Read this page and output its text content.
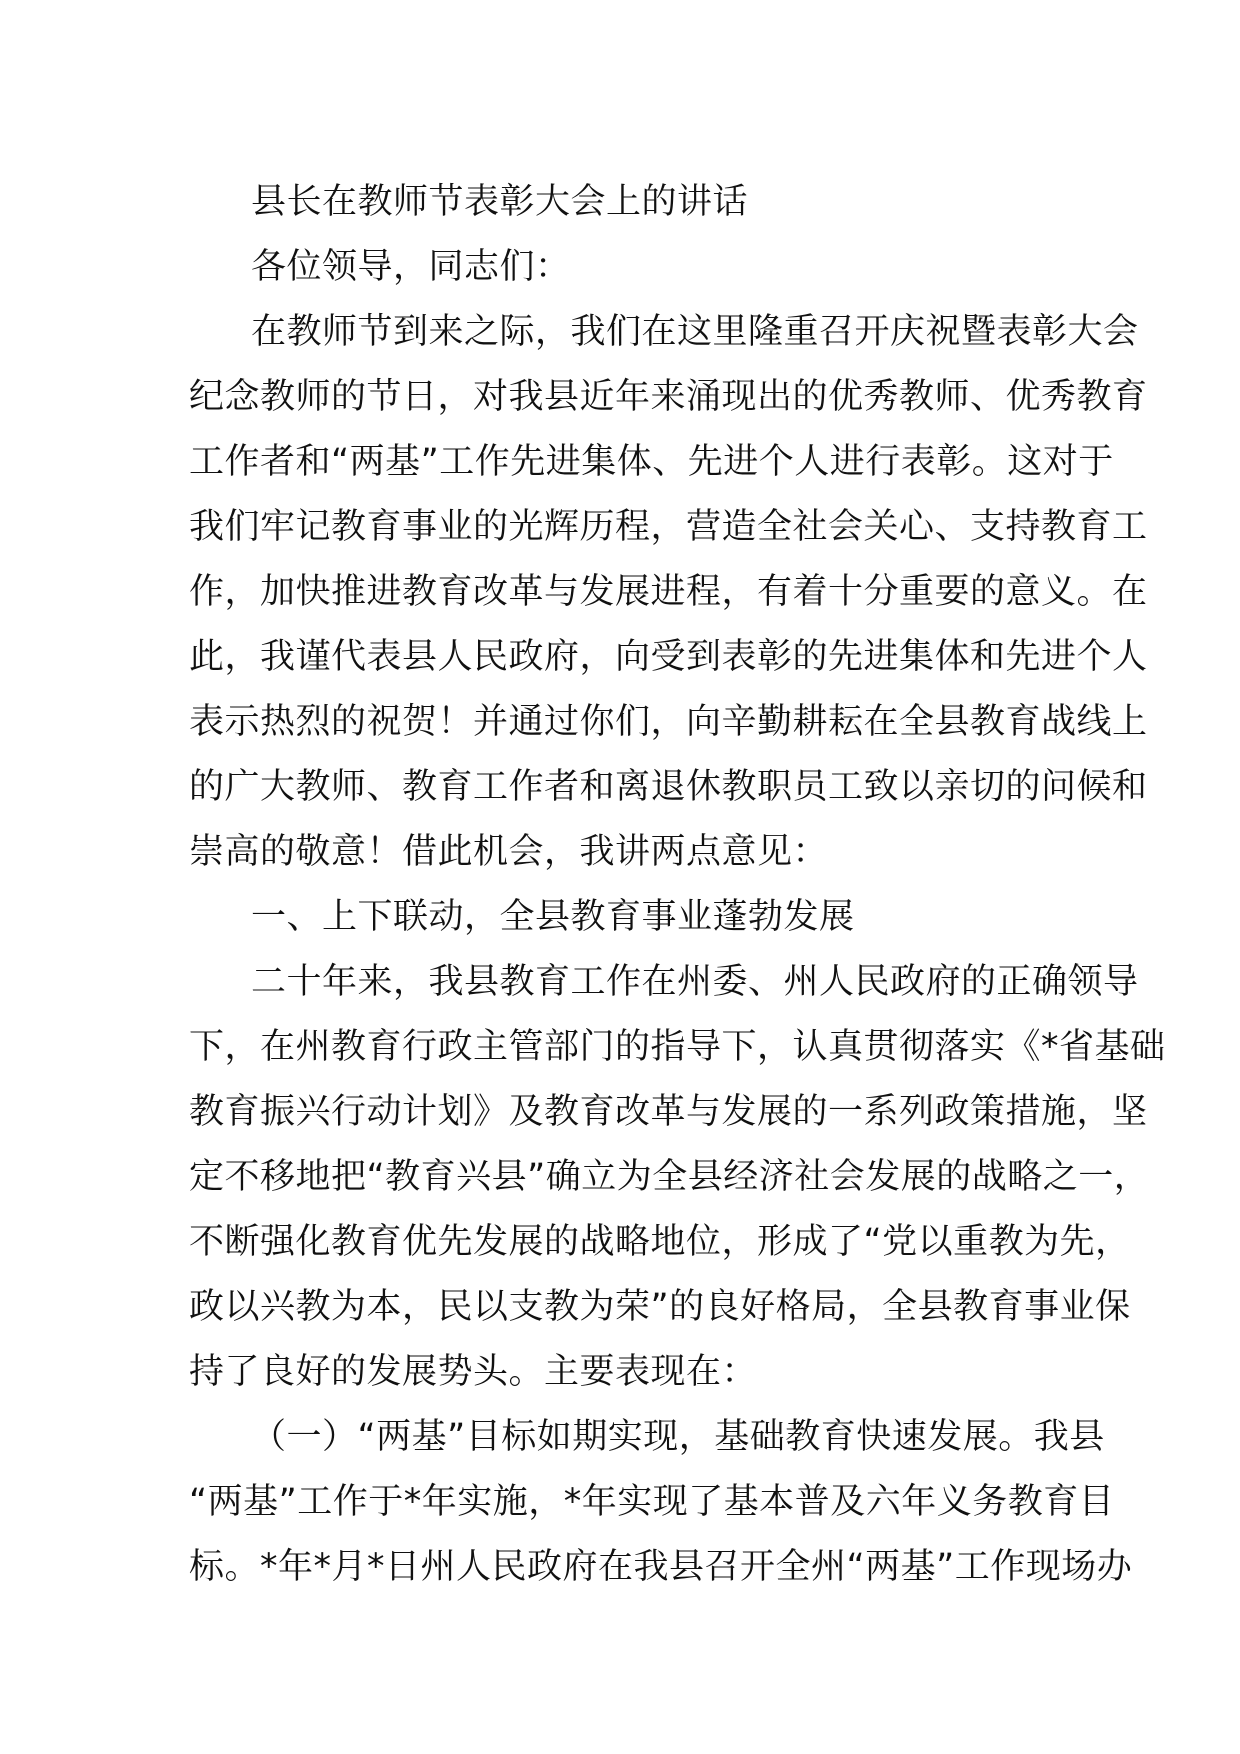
县长在教师节表彰大会上的讲话
各位领导，同志们：
在教师节到来之际，我们在这里隆重召开庆祝暨表彰大会
纪念教师的节日，对我县近年来涌现出的优秀教师、优秀教育
工作者和“两基”工作先进集体、先进个人进行表彰。这对于
我们牢记教育事业的光辉历程，营造全社会关心、支持教育工
作，加快推进教育改革与发展进程，有着十分重要的意义。在
此，我谨代表县人民政府，向受到表彰的先进集体和先进个人
表示热烈的祝贺！并通过你们，向辛勤耕耘在全县教育战线上
的广大教师、教育工作者和离退休教职员工致以亲切的问候和
崇高的敬意！借此机会，我讲两点意见：
一、上下联动，全县教育事业蓬勃发展
二十年来，我县教育工作在州委、州人民政府的正确领导
下，在州教育行政主管部门的指导下，认真贯彻落实《*省基础
教育振兴行动计划》及教育改革与发展的一系列政策措施，坚
定不移地把“教育兴县”确立为全县经济社会发展的战略之一，
不断强化教育优先发展的战略地位，形成了“党以重教为先，
政以兴教为本，民以支教为荣”的良好格局，全县教育事业保
持了良好的发展势头。主要表现在：
（一）“两基”目标如期实现，基础教育快速发展。我县
“两基”工作于*年实施，*年实现了基本普及六年义务教育目
标。*年*月*日州人民政府在我县召开全州“两基”工作现场办
